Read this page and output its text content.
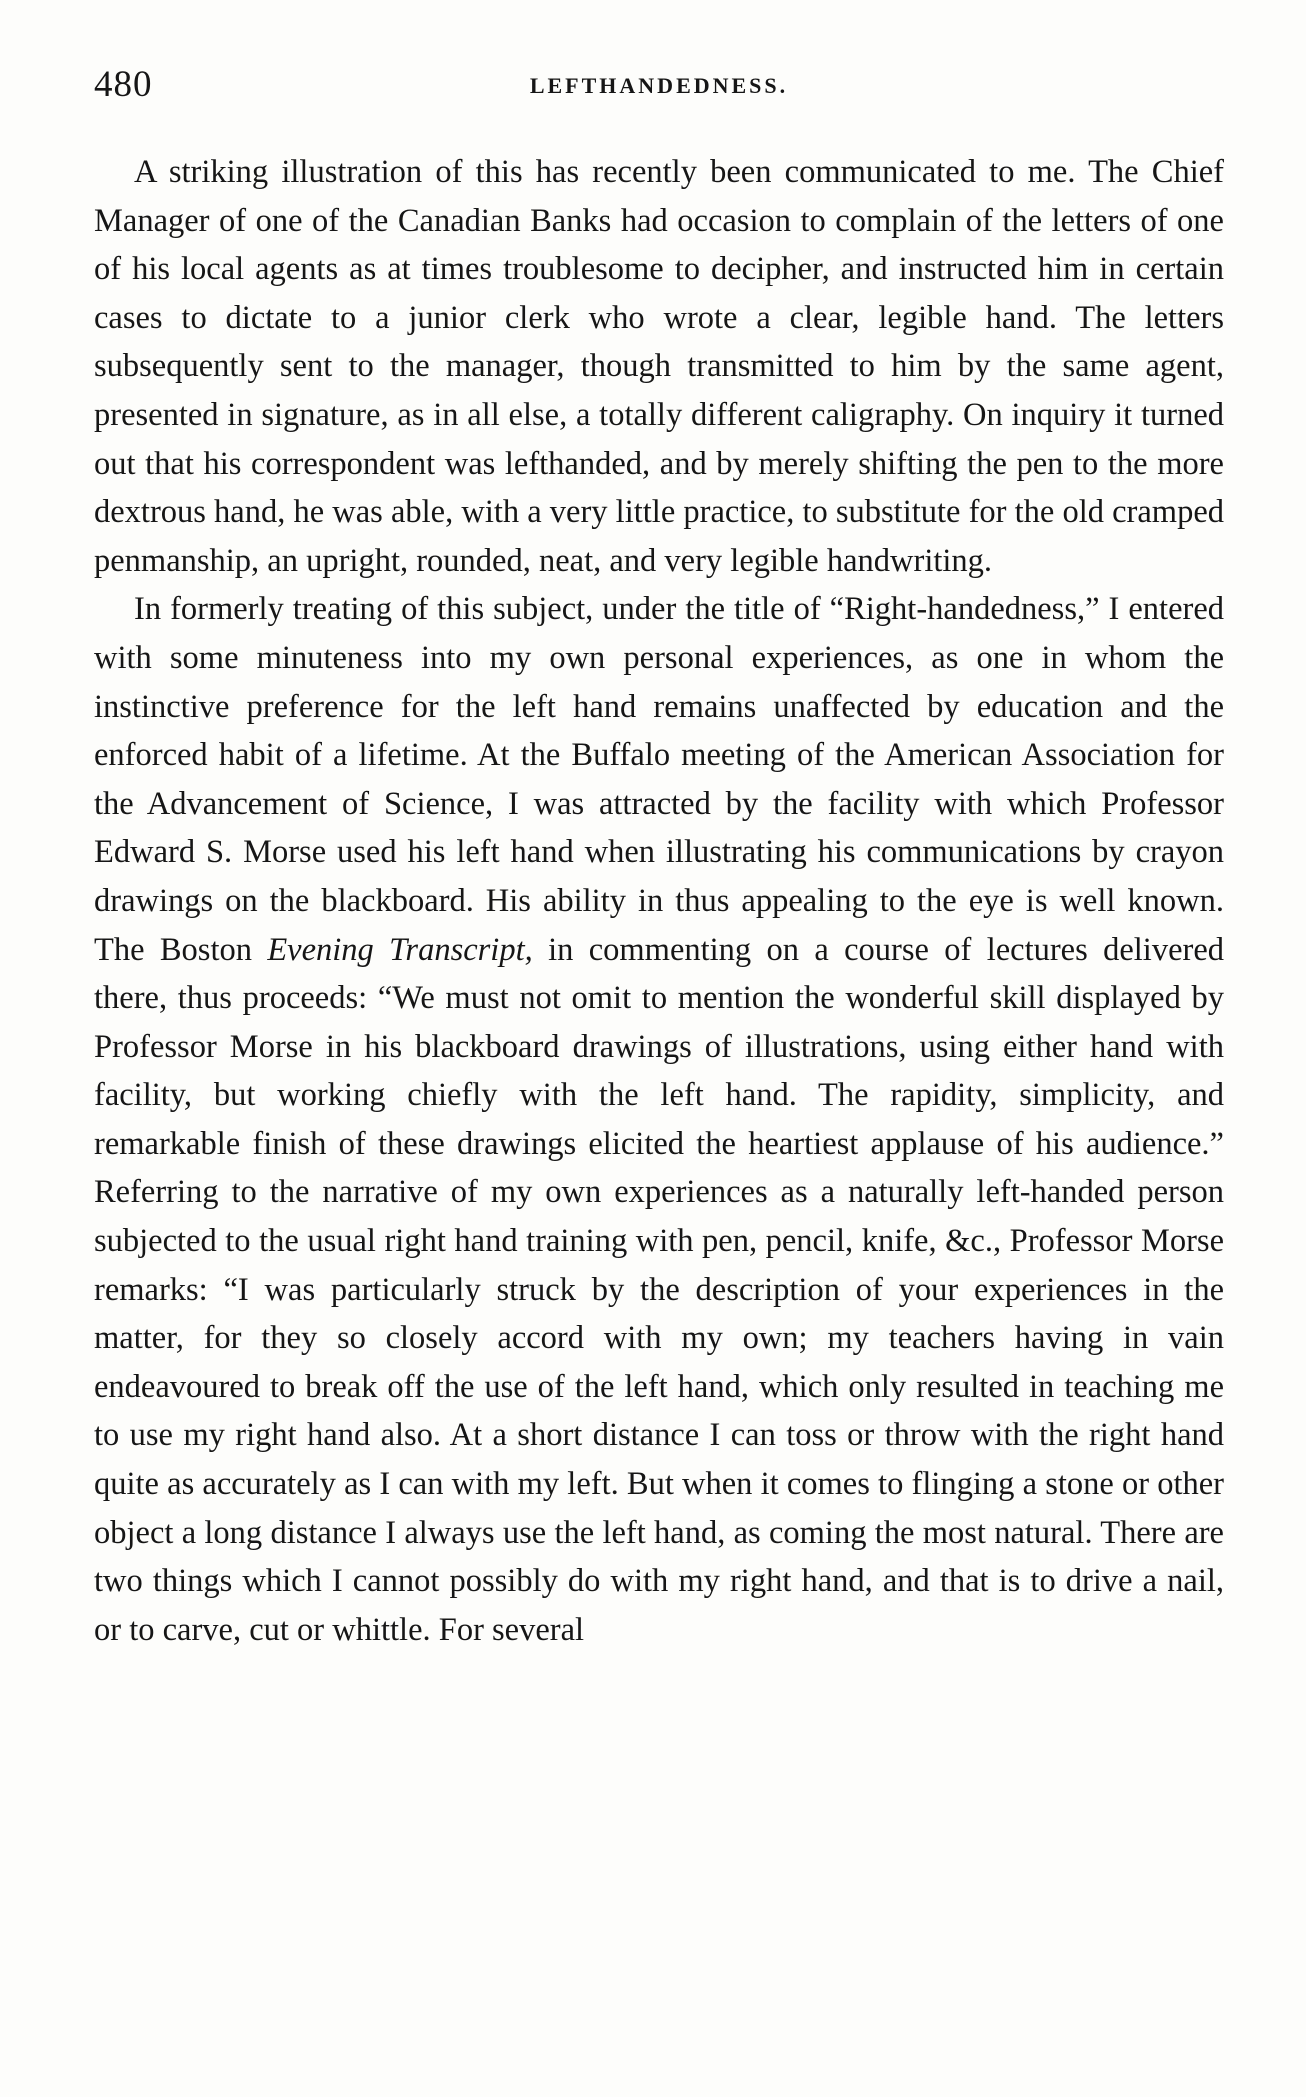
480	LEFTHANDEDNESS.

A striking illustration of this has recently been communicated to me. The Chief Manager of one of the Canadian Banks had occasion to complain of the letters of one of his local agents as at times troublesome to decipher, and instructed him in certain cases to dictate to a junior clerk who wrote a clear, legible hand. The letters subsequently sent to the manager, though transmitted to him by the same agent, presented in signature, as in all else, a totally different caligraphy. On inquiry it turned out that his correspondent was lefthanded, and by merely shifting the pen to the more dextrous hand, he was able, with a very little practice, to substitute for the old cramped penmanship, an upright, rounded, neat, and very legible handwriting.

In formerly treating of this subject, under the title of “Right-handedness,” I entered with some minuteness into my own personal experiences, as one in whom the instinctive preference for the left hand remains unaffected by education and the enforced habit of a lifetime. At the Buffalo meeting of the American Association for the Advancement of Science, I was attracted by the facility with which Professor Edward S. Morse used his left hand when illustrating his communications by crayon drawings on the blackboard. His ability in thus appealing to the eye is well known. The Boston Evening Transcript, in commenting on a course of lectures delivered there, thus proceeds: “We must not omit to mention the wonderful skill displayed by Professor Morse in his blackboard drawings of illustrations, using either hand with facility, but working chiefly with the left hand. The rapidity, simplicity, and remarkable finish of these drawings elicited the heartiest applause of his audience.” Referring to the narrative of my own experiences as a naturally left-handed person subjected to the usual right hand training with pen, pencil, knife, &c., Professor Morse remarks: “I was particularly struck by the description of your experiences in the matter, for they so closely accord with my own; my teachers having in vain endeavoured to break off the use of the left hand, which only resulted in teaching me to use my right hand also. At a short distance I can toss or throw with the right hand quite as accurately as I can with my left. But when it comes to flinging a stone or other object a long distance I always use the left hand, as coming the most natural. There are two things which I cannot possibly do with my right hand, and that is to drive a nail, or to carve, cut or whittle. For several
